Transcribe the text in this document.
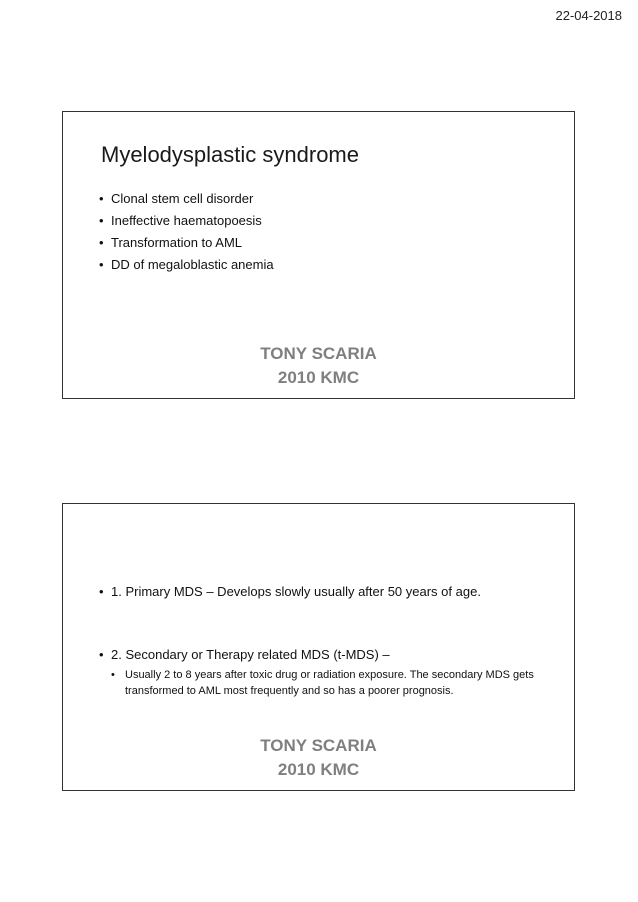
22-04-2018
Myelodysplastic syndrome
• Clonal stem cell disorder
• Ineffective haematopoesis
• Transformation to AML
• DD of megaloblastic anemia
TONY SCARIA
2010 KMC
• 1. Primary MDS – Develops slowly usually after 50 years of age.
• 2. Secondary or Therapy related MDS (t-MDS) –
• Usually 2 to 8 years after toxic drug or radiation exposure. The secondary MDS gets transformed to AML most frequently and so has a poorer prognosis.
TONY SCARIA
2010 KMC
